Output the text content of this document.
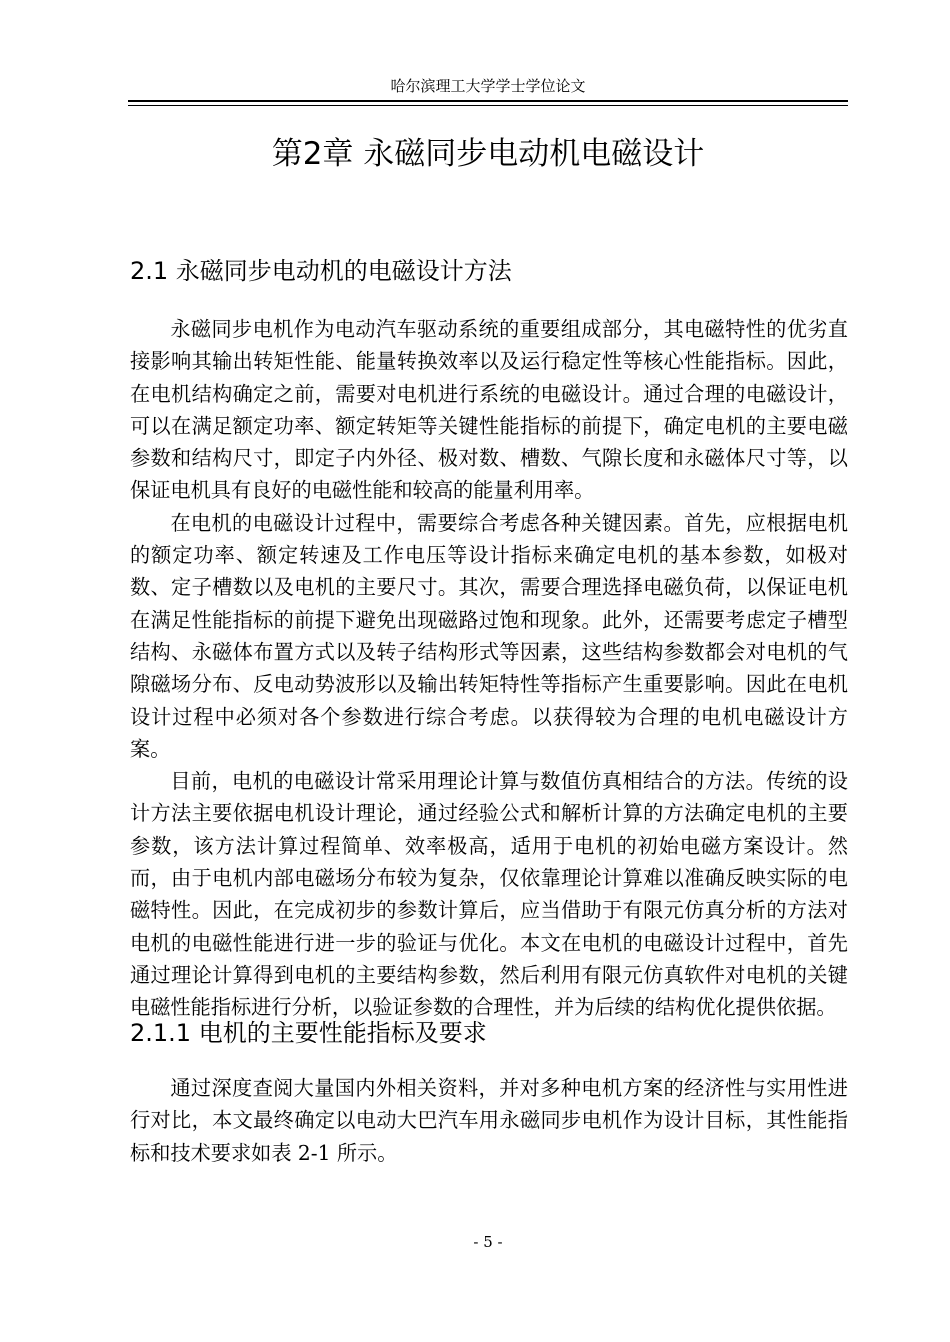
哈尔滨理工大学学士学位论文
第2章 永磁同步电动机电磁设计
2.1 永磁同步电动机的电磁设计方法

永磁同步电机作为电动汽车驱动系统的重要组成部分，其电磁特性的优劣直接影响其输出转矩性能、能量转换效率以及运行稳定性等核心性能指标。因此，在电机结构确定之前，需要对电机进行系统的电磁设计。通过合理的电磁设计，可以在满足额定功率、额定转矩等关键性能指标的前提下，确定电机的主要电磁参数和结构尺寸，即定子内外径、极对数、槽数、气隙长度和永磁体尺寸等，以保证电机具有良好的电磁性能和较高的能量利用率。

在电机的电磁设计过程中，需要综合考虑各种关键因素。首先，应根据电机的额定功率、额定转速及工作电压等设计指标来确定电机的基本参数，如极对数、定子槽数以及电机的主要尺寸。其次，需要合理选择电磁负荷，以保证电机在满足性能指标的前提下避免出现磁路过饱和现象。此外，还需要考虑定子槽型结构、永磁体布置方式以及转子结构形式等因素，这些结构参数都会对电机的气隙磁场分布、反电动势波形以及输出转矩特性等指标产生重要影响。因此在电机设计过程中必须对各个参数进行综合考虑。以获得较为合理的电机电磁设计方案。

目前，电机的电磁设计常采用理论计算与数值仿真相结合的方法。传统的设计方法主要依据电机设计理论，通过经验公式和解析计算的方法确定电机的主要参数，该方法计算过程简单、效率极高，适用于电机的初始电磁方案设计。然而，由于电机内部电磁场分布较为复杂，仅依靠理论计算难以准确反映实际的电磁特性。因此，在完成初步的参数计算后，应当借助于有限元仿真分析的方法对电机的电磁性能进行进一步的验证与优化。本文在电机的电磁设计过程中，首先通过理论计算得到电机的主要结构参数，然后利用有限元仿真软件对电机的关键电磁性能指标进行分析，以验证参数的合理性，并为后续的结构优化提供依据。

2.1.1 电机的主要性能指标及要求

通过深度查阅大量国内外相关资料，并对多种电机方案的经济性与实用性进行对比，本文最终确定以电动大巴汽车用永磁同步电机作为设计目标，其性能指标和技术要求如表 2-1 所示。

- 5 -
